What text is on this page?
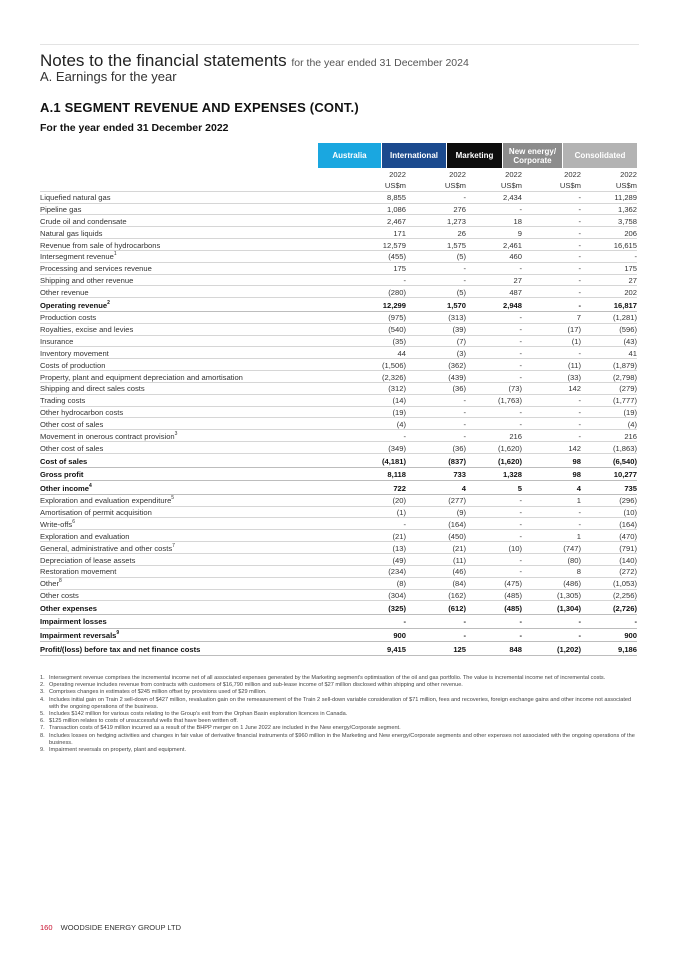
Notes to the financial statements for the year ended 31 December 2024
A. Earnings for the year
A.1 SEGMENT REVENUE AND EXPENSES (CONT.)
For the year ended 31 December 2022
Australia	International	Marketing	New energy/ Corporate	Consolidated
2022	2022	2022	2022	2022
US$m	US$m	US$m	US$m	US$m
Liquefied natural gas	8,855	-	2,434	-	11,289
Pipeline gas	1,086	276	-	-	1,362
Crude oil and condensate	2,467	1,273	18	-	3,758
Natural gas liquids	171	26	9	-	206
Revenue from sale of hydrocarbons	12,579	1,575	2,461	-	16,615
Intersegment revenue$^1$	(455)	(5)	460	-	-
Processing and services revenue	175	-	-	-	175
Shipping and other revenue	-	-	27	-	27
Other revenue	(280)	(5)	487	-	202
Operating revenue$^2$	12,299	1,570	2,948	-	16,817
Production costs	(975)	(313)	-	7	(1,281)
Royalties, excise and levies	(540)	(39)	-	(17)	(596)
Insurance	(35)	(7)	-	(1)	(43)
Inventory movement	44	(3)	-	-	41
Costs of production	(1,506)	(362)	-	(11)	(1,879)
Property, plant and equipment depreciation and amortisation	(2,326)	(439)	-	(33)	(2,798)
Shipping and direct sales costs	(312)	(36)	(73)	142	(279)
Trading costs	(14)	-	(1,763)	-	(1,777)
Other hydrocarbon costs	(19)	-	-	-	(19)
Other cost of sales	(4)	-	-	-	(4)
Movement in onerous contract provision$^3$	-	-	216	-	216
Other cost of sales	(349)	(36)	(1,620)	142	(1,863)
Cost of sales	(4,181)	(837)	(1,620)	98	(6,540)
Gross profit	8,118	733	1,328	98	10,277
Other income$^4$	722	4	5	4	735
Exploration and evaluation expenditure$^5$	(20)	(277)	-	1	(296)
Amortisation of permit acquisition	(1)	(9)	-	-	(10)
Write-offs$^6$	-	(164)	-	-	(164)
Exploration and evaluation	(21)	(450)	-	1	(470)
General, administrative and other costs$^7$	(13)	(21)	(10)	(747)	(791)
Depreciation of lease assets	(49)	(11)	-	(80)	(140)
Restoration movement	(234)	(46)	-	8	(272)
Other$^8$	(8)	(84)	(475)	(486)	(1,053)
Other costs	(304)	(162)	(485)	(1,305)	(2,256)
Other expenses	(325)	(612)	(485)	(1,304)	(2,726)
Impairment losses	-	-	-	-	-
Impairment reversals$^9$	900	-	-	-	900
Profit/(loss) before tax and net finance costs	9,415	125	848	(1,202)	9,186
1. Intersegment revenue comprises the incremental income net of all associated expenses generated by the Marketing segment's optimisation of the oil and gas portfolio. The value is incremental income net of incremental costs.
2. Operating revenue includes revenue from contracts with customers of $16,790 million and sub-lease income of $27 million disclosed within shipping and other revenue.
3. Comprises changes in estimates of $245 million offset by provisions used of $29 million.
4. Includes initial gain on Train 2 sell-down of $427 million, revaluation gain on the remeasurement of the Train 2 sell-down variable consideration of $71 million, fees and recoveries, foreign exchange gains and other income not associated with the ongoing operations of the business.
5. Includes $142 million for various costs relating to the Group's exit from the Orphan Basin exploration licences in Canada.
6. $125 million relates to costs of unsuccessful wells that have been written off.
7. Transaction costs of $419 million incurred as a result of the BHPP merger on 1 June 2022 are included in the New energy/Corporate segment.
8. Includes losses on hedging activities and changes in fair value of derivative financial instruments of $960 million in the Marketing and New energy/Corporate segments and other expenses not associated with the ongoing operations of the business.
9. Impairment reversals on property, plant and equipment.
160 WOODSIDE ENERGY GROUP LTD
